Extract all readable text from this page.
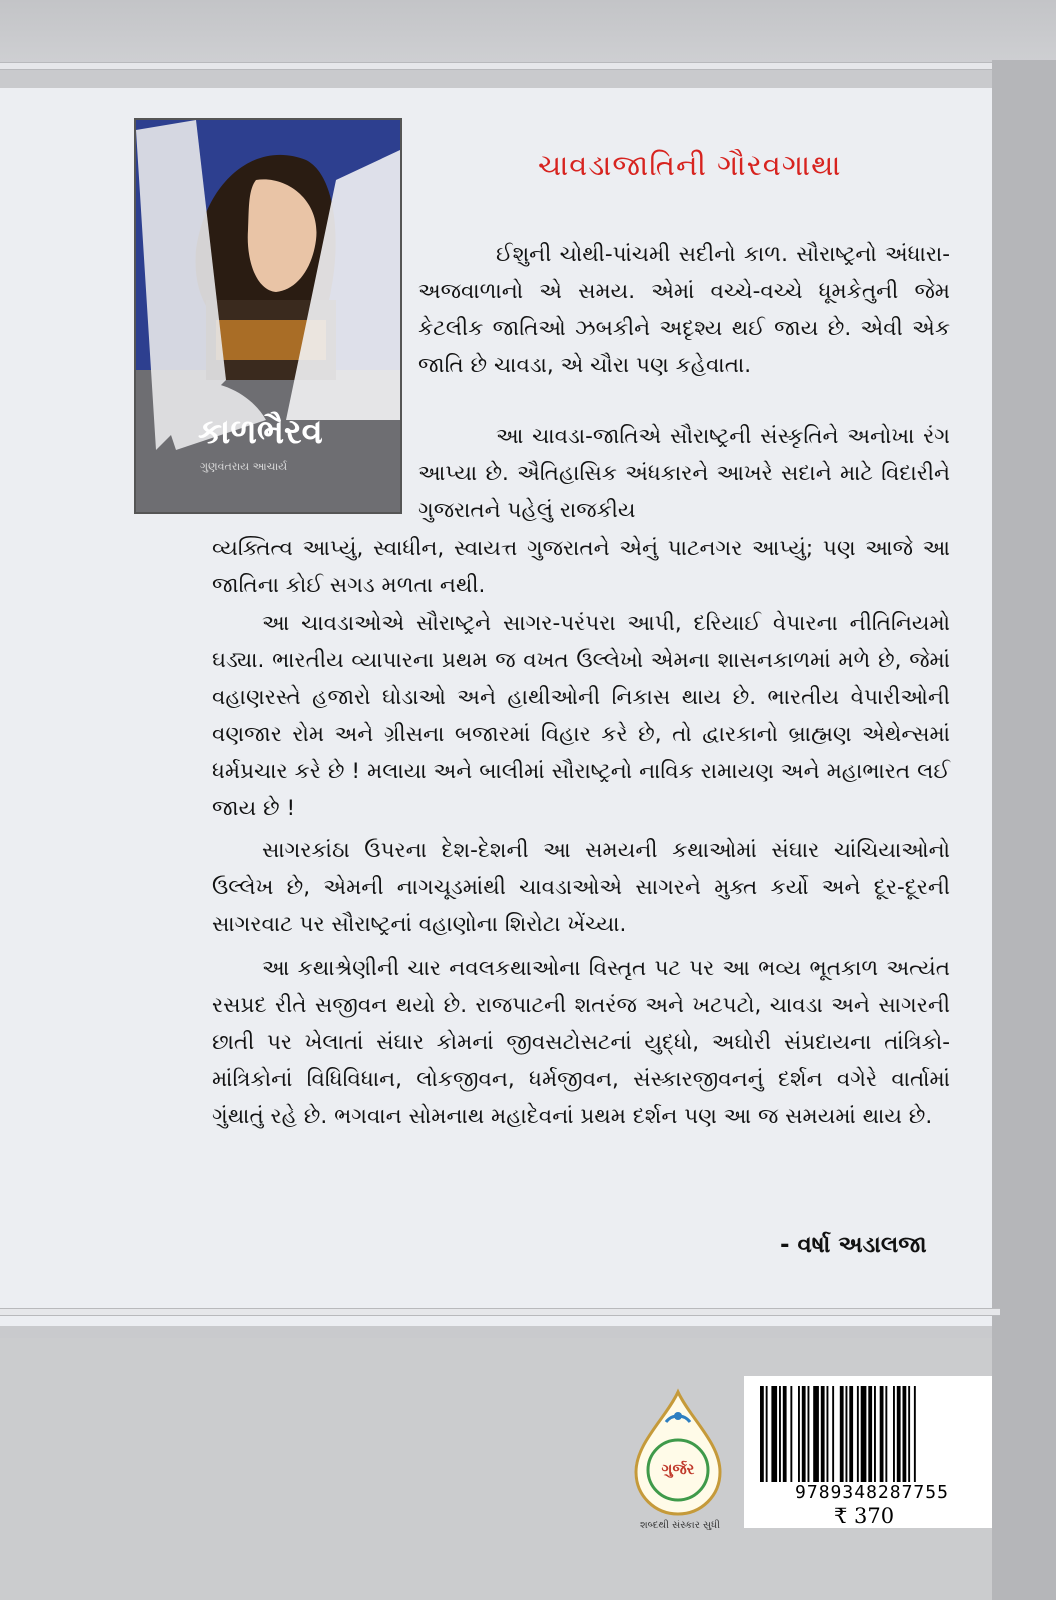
કાળભૈરવ
ગુણવંતરાય આચાર્ય
ચાવડાજાતિની ગૌરવગાથા
ઈશુની ચોથી-પાંચમી સદીનો કાળ. સૌરાષ્ટ્રનો અંધારા-અજવાળાનો એ સમય. એમાં વચ્ચે-વચ્ચે ધૂમકેતુની જેમ કેટલીક જાતિઓ ઝબકીને અદૃશ્ય થઈ જાય છે. એવી એક જાતિ છે ચાવડા, એ ચૌરા પણ કહેવાતા.
આ ચાવડા-જાતિએ સૌરાષ્ટ્રની સંસ્કૃતિને અનોખા રંગ આપ્યા છે. ઐતિહાસિક અંધકારને આખરે સદાને માટે વિદારીને ગુજરાતને પહેલું રાજકીય
વ્યક્તિત્વ આપ્યું, સ્વાધીન, સ્વાયત્ત ગુજરાતને એનું પાટનગર આપ્યું; પણ આજે આ જાતિના કોઈ સગડ મળતા નથી.
આ ચાવડાઓએ સૌરાષ્ટ્રને સાગર-પરંપરા આપી, દરિયાઈ વેપારના નીતિનિયમો ઘડ્યા. ભારતીય વ્યાપારના પ્રથમ જ વખત ઉલ્લેખો એમના શાસનકાળમાં મળે છે, જેમાં વહાણરસ્તે હજારો ઘોડાઓ અને હાથીઓની નિકાસ થાય છે. ભારતીય વેપારીઓની વણજાર રોમ અને ગ્રીસના બજારમાં વિહાર કરે છે, તો દ્વારકાનો બ્રાહ્મણ એથેન્સમાં ધર્મપ્રચાર કરે છે ! મલાયા અને બાલીમાં સૌરાષ્ટ્રનો નાવિક રામાયણ અને મહાભારત લઈ જાય છે !
સાગરકાંઠા ઉપરના દેશ-દેશની આ સમયની કથાઓમાં સંઘાર ચાંચિયાઓનો ઉલ્લેખ છે, એમની નાગચૂડમાંથી ચાવડાઓએ સાગરને મુક્ત કર્યો અને દૂર-દૂરની સાગરવાટ પર સૌરાષ્ટ્રનાં વહાણોના શિરોટા ખેંચ્યા.
આ કથાશ્રેણીની ચાર નવલકથાઓના વિસ્તૃત પટ પર આ ભવ્ય ભૂતકાળ અત્યંત રસપ્રદ રીતે સજીવન થયો છે. રાજપાટની શતરંજ અને ખટપટો, ચાવડા અને સાગરની છાતી પર ખેલાતાં સંઘાર કોમનાં જીવસટોસટનાં યુદ્ધો, અઘોરી સંપ્રદાયના તાંત્રિકો-માંત્રિકોનાં વિધિવિધાન, લોકજીવન, ધર્મજીવન, સંસ્કારજીવનનું દર્શન વગેરે વાર્તામાં ગુંથાતું રહે છે. ભગવાન સોમનાથ મહાદેવનાં પ્રથમ દર્શન પણ આ જ સમયમાં થાય છે.
- વર્ષા અડાલજા
ગુર્જર
શબ્દથી સંસ્કાર સુધી
9789348287755
₹ 370
